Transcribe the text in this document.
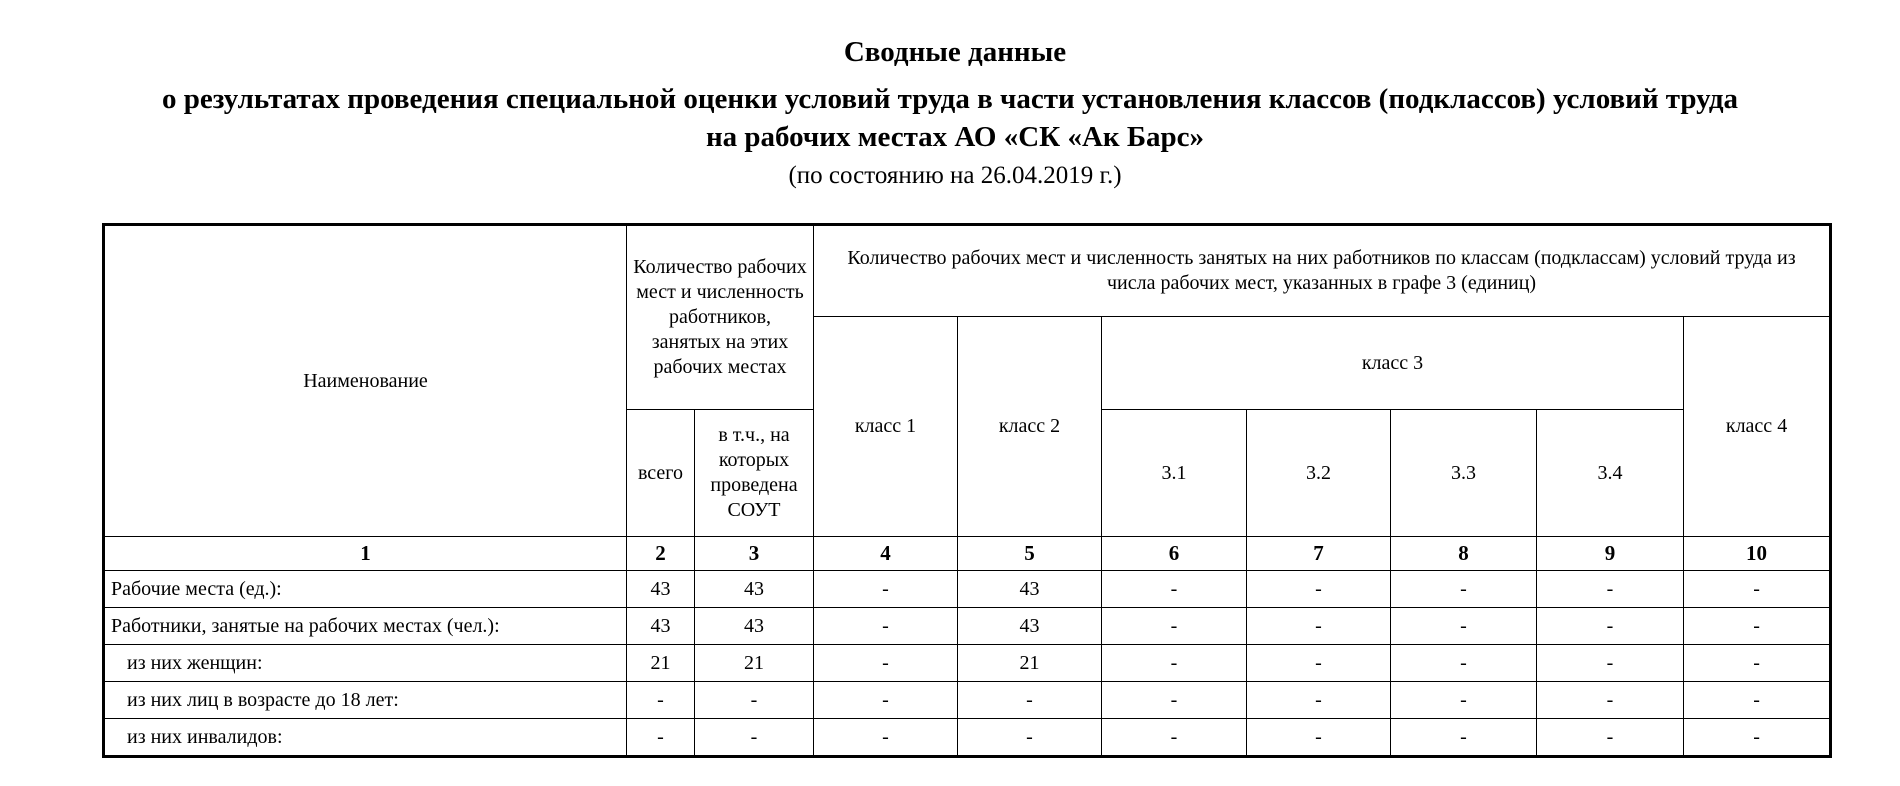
Сводные данные
о результатах проведения специальной оценки условий труда в части установления классов (подклассов) условий труда
на рабочих местах АО «СК «Ак Барс»
(по состоянию на 26.04.2019 г.)
Наименование	Количество рабочих мест и численность работников, занятых на этих рабочих местах		Количество рабочих мест и численность занятых на них работников по классам (подклассам) условий труда из числа рабочих мест, указанных в графе 3 (единиц)						
			класс 1	класс 2	класс 3				класс 4
	всего	в т.ч., на которых проведена СОУТ			3.1	3.2	3.3	3.4	
1	2	3	4	5	6	7	8	9	10
Рабочие места (ед.):	43	43	-	43	-	-	-	-	-
Работники, занятые на рабочих местах (чел.):	43	43	-	43	-	-	-	-	-
из них женщин:	21	21	-	21	-	-	-	-	-
из них лиц в возрасте до 18 лет:	-	-	-	-	-	-	-	-	-
из них инвалидов:	-	-	-	-	-	-	-	-	-
